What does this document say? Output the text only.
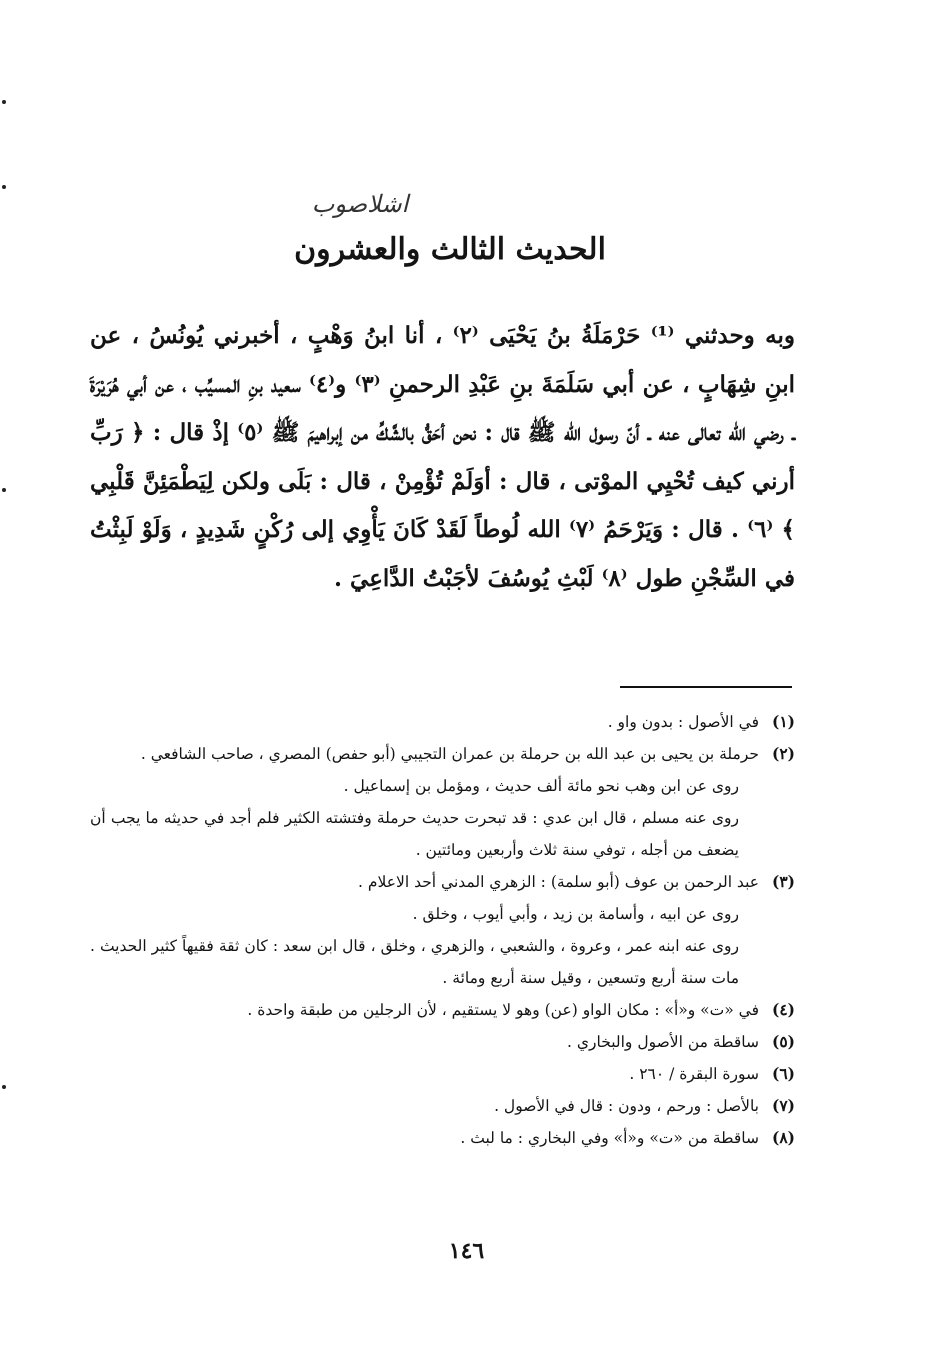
اشلاصوب
الحديث الثالث والعشرون

وبه وحدثني ⁽¹⁾ حَرْمَلَةُ بنُ يَحْيَى ⁽٢⁾ ، أنا ابنُ وَهْبٍ ، أخبرني يُونُسُ ، عن ابنِ شِهَابٍ ، عن أبي سَلَمَةَ بنِ عَبْدِ الرحمنِ ⁽٣⁾ و⁽٤⁾ سعيد بنِ المسيِّب ، عن أبي هُرَيْرَةَ ـ رضي الله تعالى عنه ـ أنّ رسول الله ﷺ قال : نحن أحَقُّ بالشَّكِّ من إبراهيمَ ﷺ ⁽٥⁾ إذْ قال : ﴿ رَبِّ أرني كيف تُحْيِي الموْتى ، قال : أوَلَمْ تُؤْمِنْ ، قال : بَلَى ولكن لِيَطْمَئِنَّ قَلْبِي ﴾ ⁽٦⁾ . قال : وَيَرْحَمُ ⁽٧⁾ الله لُوطاً لَقَدْ كَانَ يَأْوِي إلى رُكْنٍ شَدِيدٍ ، وَلَوْ لَبِثْتُ في السِّجْنِ طول ⁽٨⁾ لَبْثِ يُوسُفَ لأجَبْتُ الدَّاعِيَ .

(١)
في الأصول : بدون واو .
(٢)
حرملة بن يحيى بن عبد الله بن حرملة بن عمران التجيبي (أبو حفص) المصري ، صاحب الشافعي .

روى عن ابن وهب نحو مائة ألف حديث ، ومؤمل بن إسماعيل .

روى عنه مسلم ، قال ابن عدي : قد تبحرت حديث حرملة وفتشته الكثير فلم أجد في حديثه ما يجب أن يضعف من أجله ، توفي سنة ثلاث وأربعين ومائتين .

(٣)
عبد الرحمن بن عوف (أبو سلمة) : الزهري المدني أحد الاعلام .

روى عن ابيه ، وأسامة بن زيد ، وأبي أيوب ، وخلق .

روى عنه ابنه عمر ، وعروة ، والشعبي ، والزهري ، وخلق ، قال ابن سعد : كان ثقة فقيهاً كثير الحديث . مات سنة أربع وتسعين ، وقيل سنة أربع ومائة .

(٤)
في «ت» و«أ» : مكان الواو (عن) وهو لا يستقيم ، لأن الرجلين من طبقة واحدة .
(٥)
ساقطة من الأصول والبخاري .
(٦)
سورة البقرة / ٢٦٠ .
(٧)
بالأصل : ورحم ، ودون : قال في الأصول .
(٨)
ساقطة من «ت» و«أ» وفي البخاري : ما لبث .
١٤٦
